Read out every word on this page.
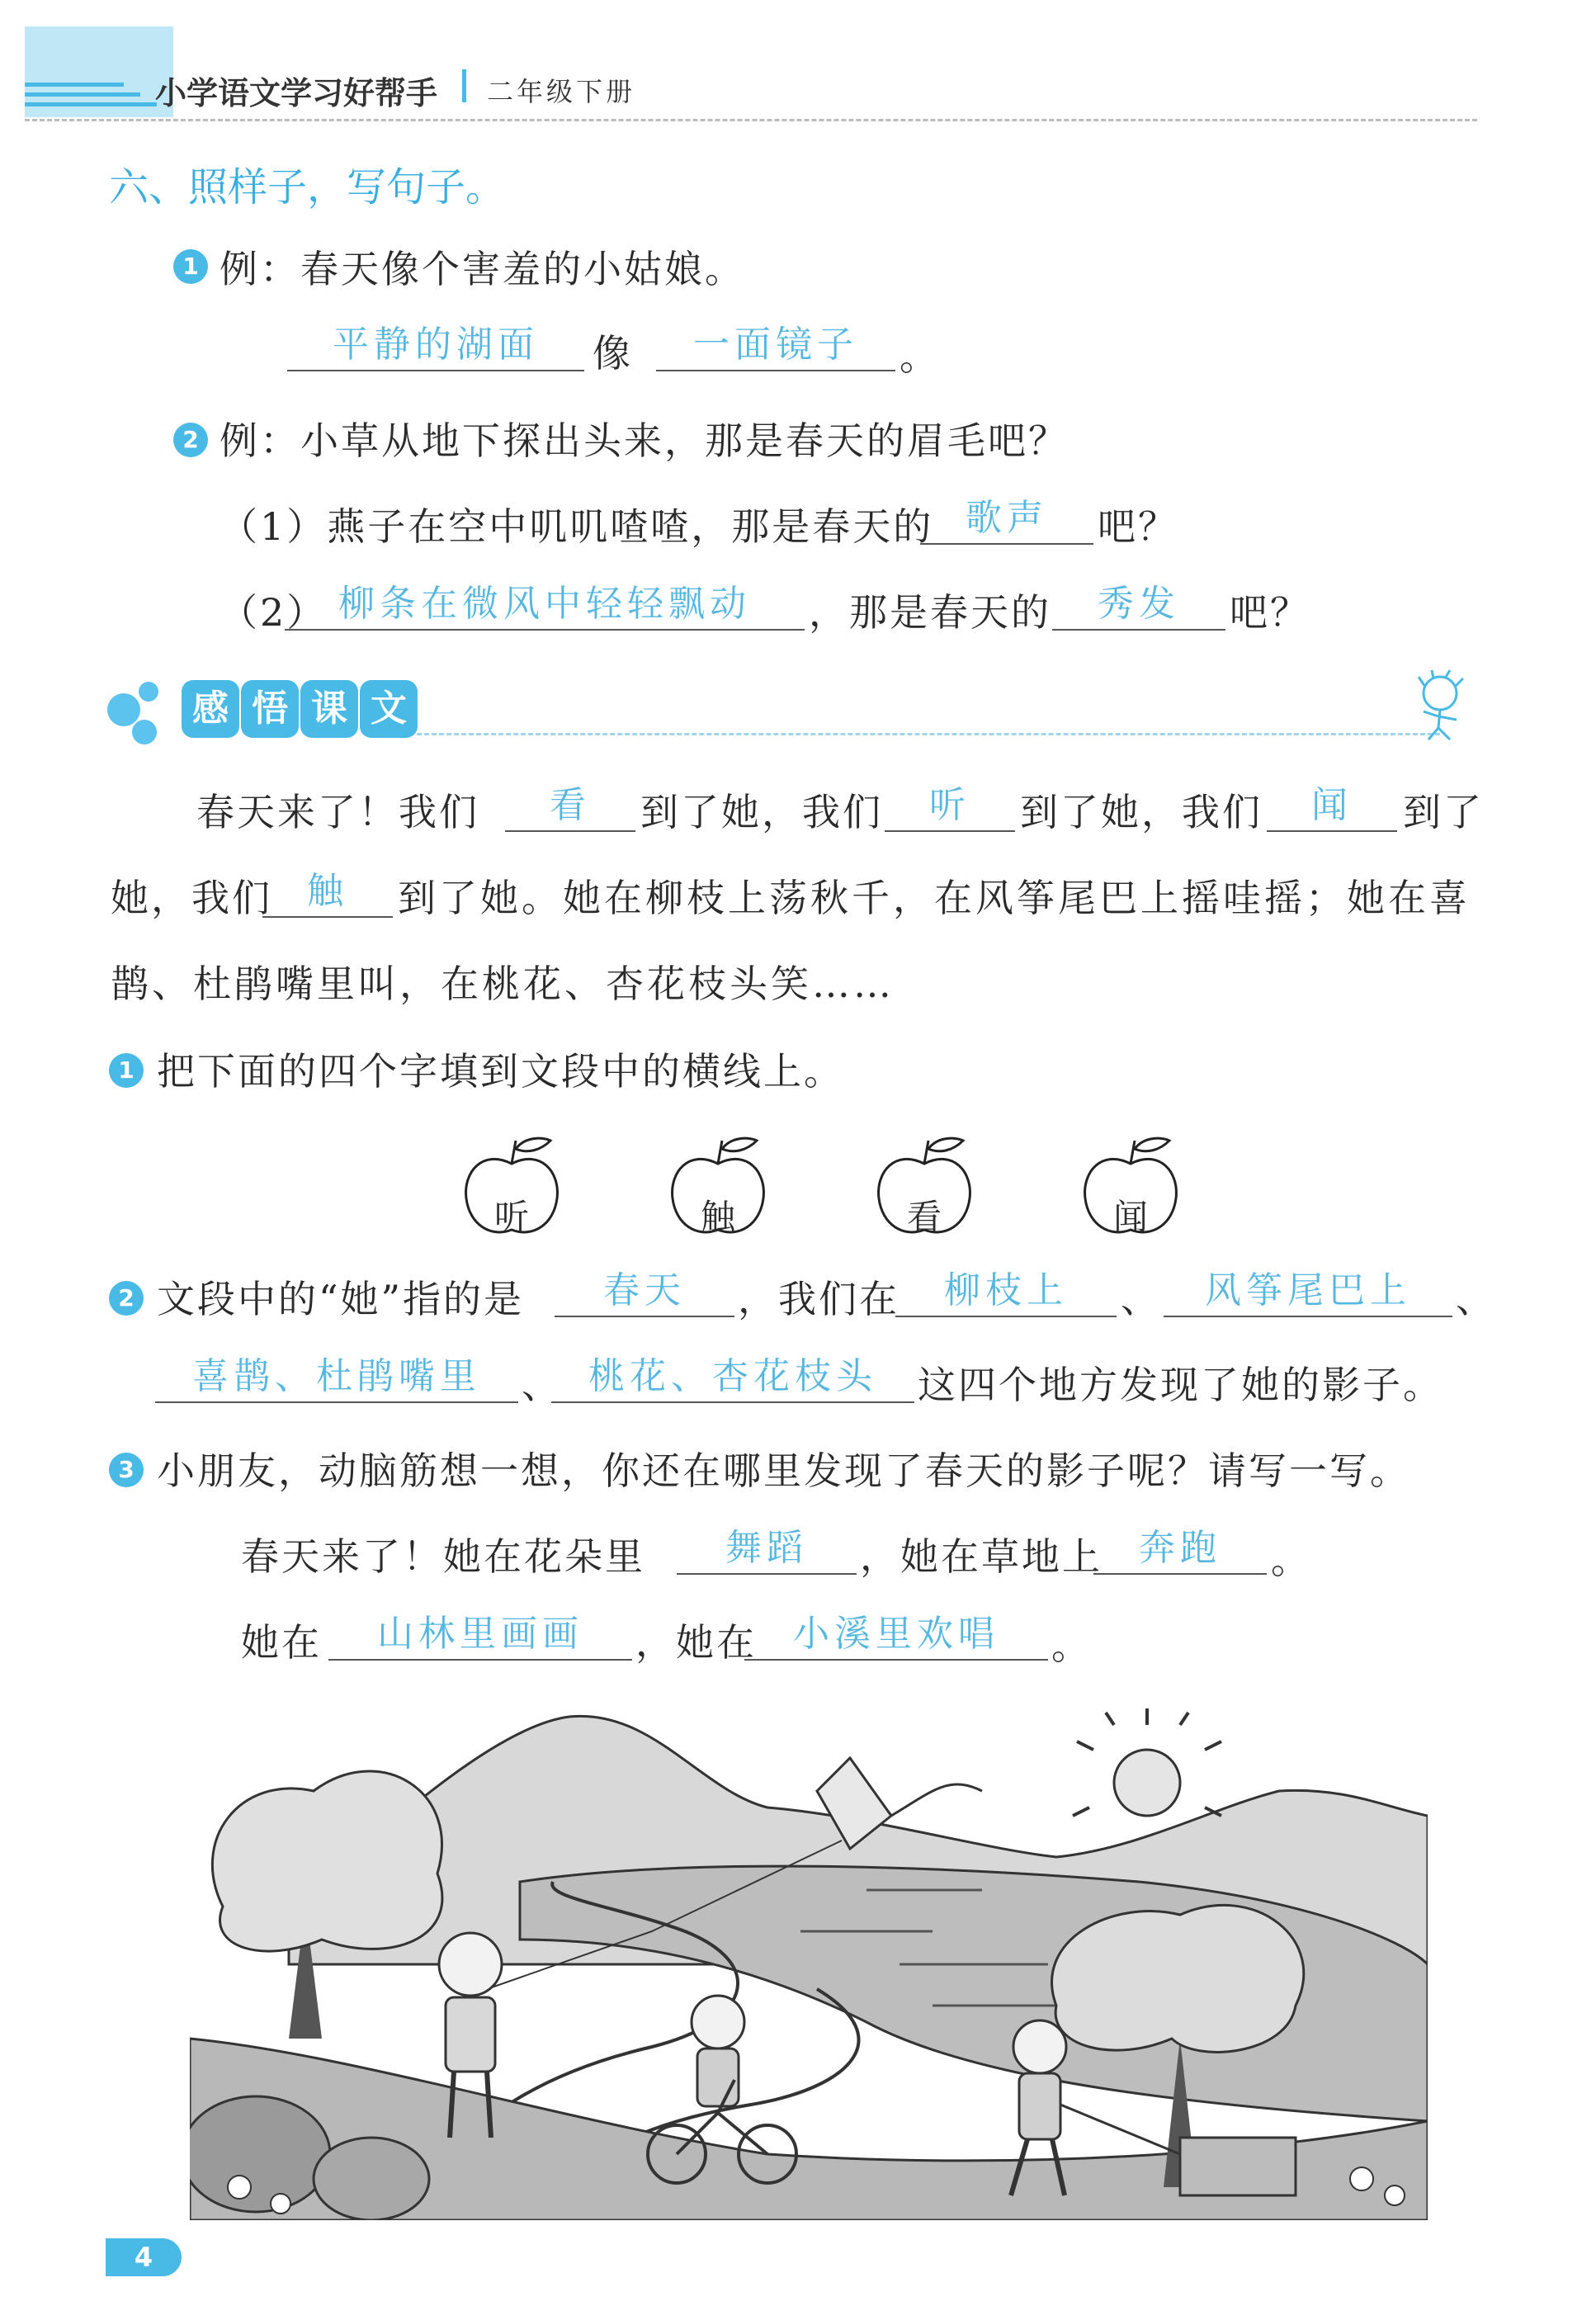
小学语文学习好帮手 二年级下册
六、照样子，写句子。
1 例：春天像个害羞的小姑娘。
平静的湖面	像	一面镜子	。
2 例：小草从地下探出头来，那是春天的眉毛吧？
（1）燕子在空中叽叽喳喳，那是春天的 歌声	吧？
（2） 柳条在微风中轻轻飘动	，那是春天的	秀发	吧？
感 悟 课 文
春天来了！我们	看	到了她，我们	听	到了她，我们	闻	到了
她，我们 触	到了她。她在柳枝上荡秋千，在风筝尾巴上摇哇摇；她在喜
鹊、杜鹃嘴里叫，在桃花、杏花枝头笑……
1 把下面的四个字填到文段中的横线上。
听	触	看	闻
2 文段中的“她”指的是	春天	，我们在	柳枝上	、	风筝尾巴上	、
喜鹊、杜鹃嘴里	、 桃花、杏花枝头	这四个地方发现了她的影子。
3 小朋友，动脑筋想一想，你还在哪里发现了春天的影子呢？请写一写。
春天来了！她在花朵里	舞蹈	，她在草地上	奔跑	。
她在	山林里画画	，她在	小溪里欢唱	。
4
